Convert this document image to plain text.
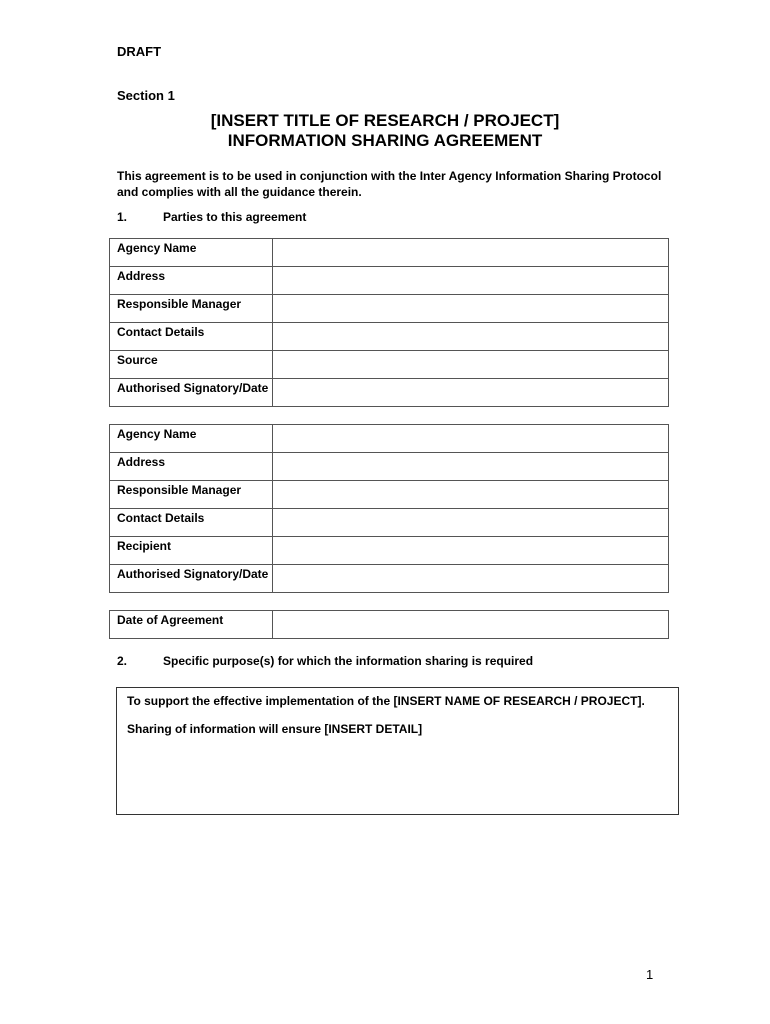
DRAFT
Section 1
[INSERT TITLE OF RESEARCH / PROJECT]
INFORMATION SHARING AGREEMENT
This agreement is to be used in conjunction with the Inter Agency Information Sharing Protocol and complies with all the guidance therein.
1.	Parties to this agreement
Agency Name	
Address	
Responsible Manager	
Contact Details	
Source	
Authorised Signatory/Date	
Agency Name	
Address	
Responsible Manager	
Contact Details	
Recipient	
Authorised Signatory/Date	
Date of Agreement	
2.	Specific purpose(s) for which the information sharing is required

To support the effective implementation of the [INSERT NAME OF RESEARCH / PROJECT].

Sharing of information will ensure [INSERT DETAIL]

1
